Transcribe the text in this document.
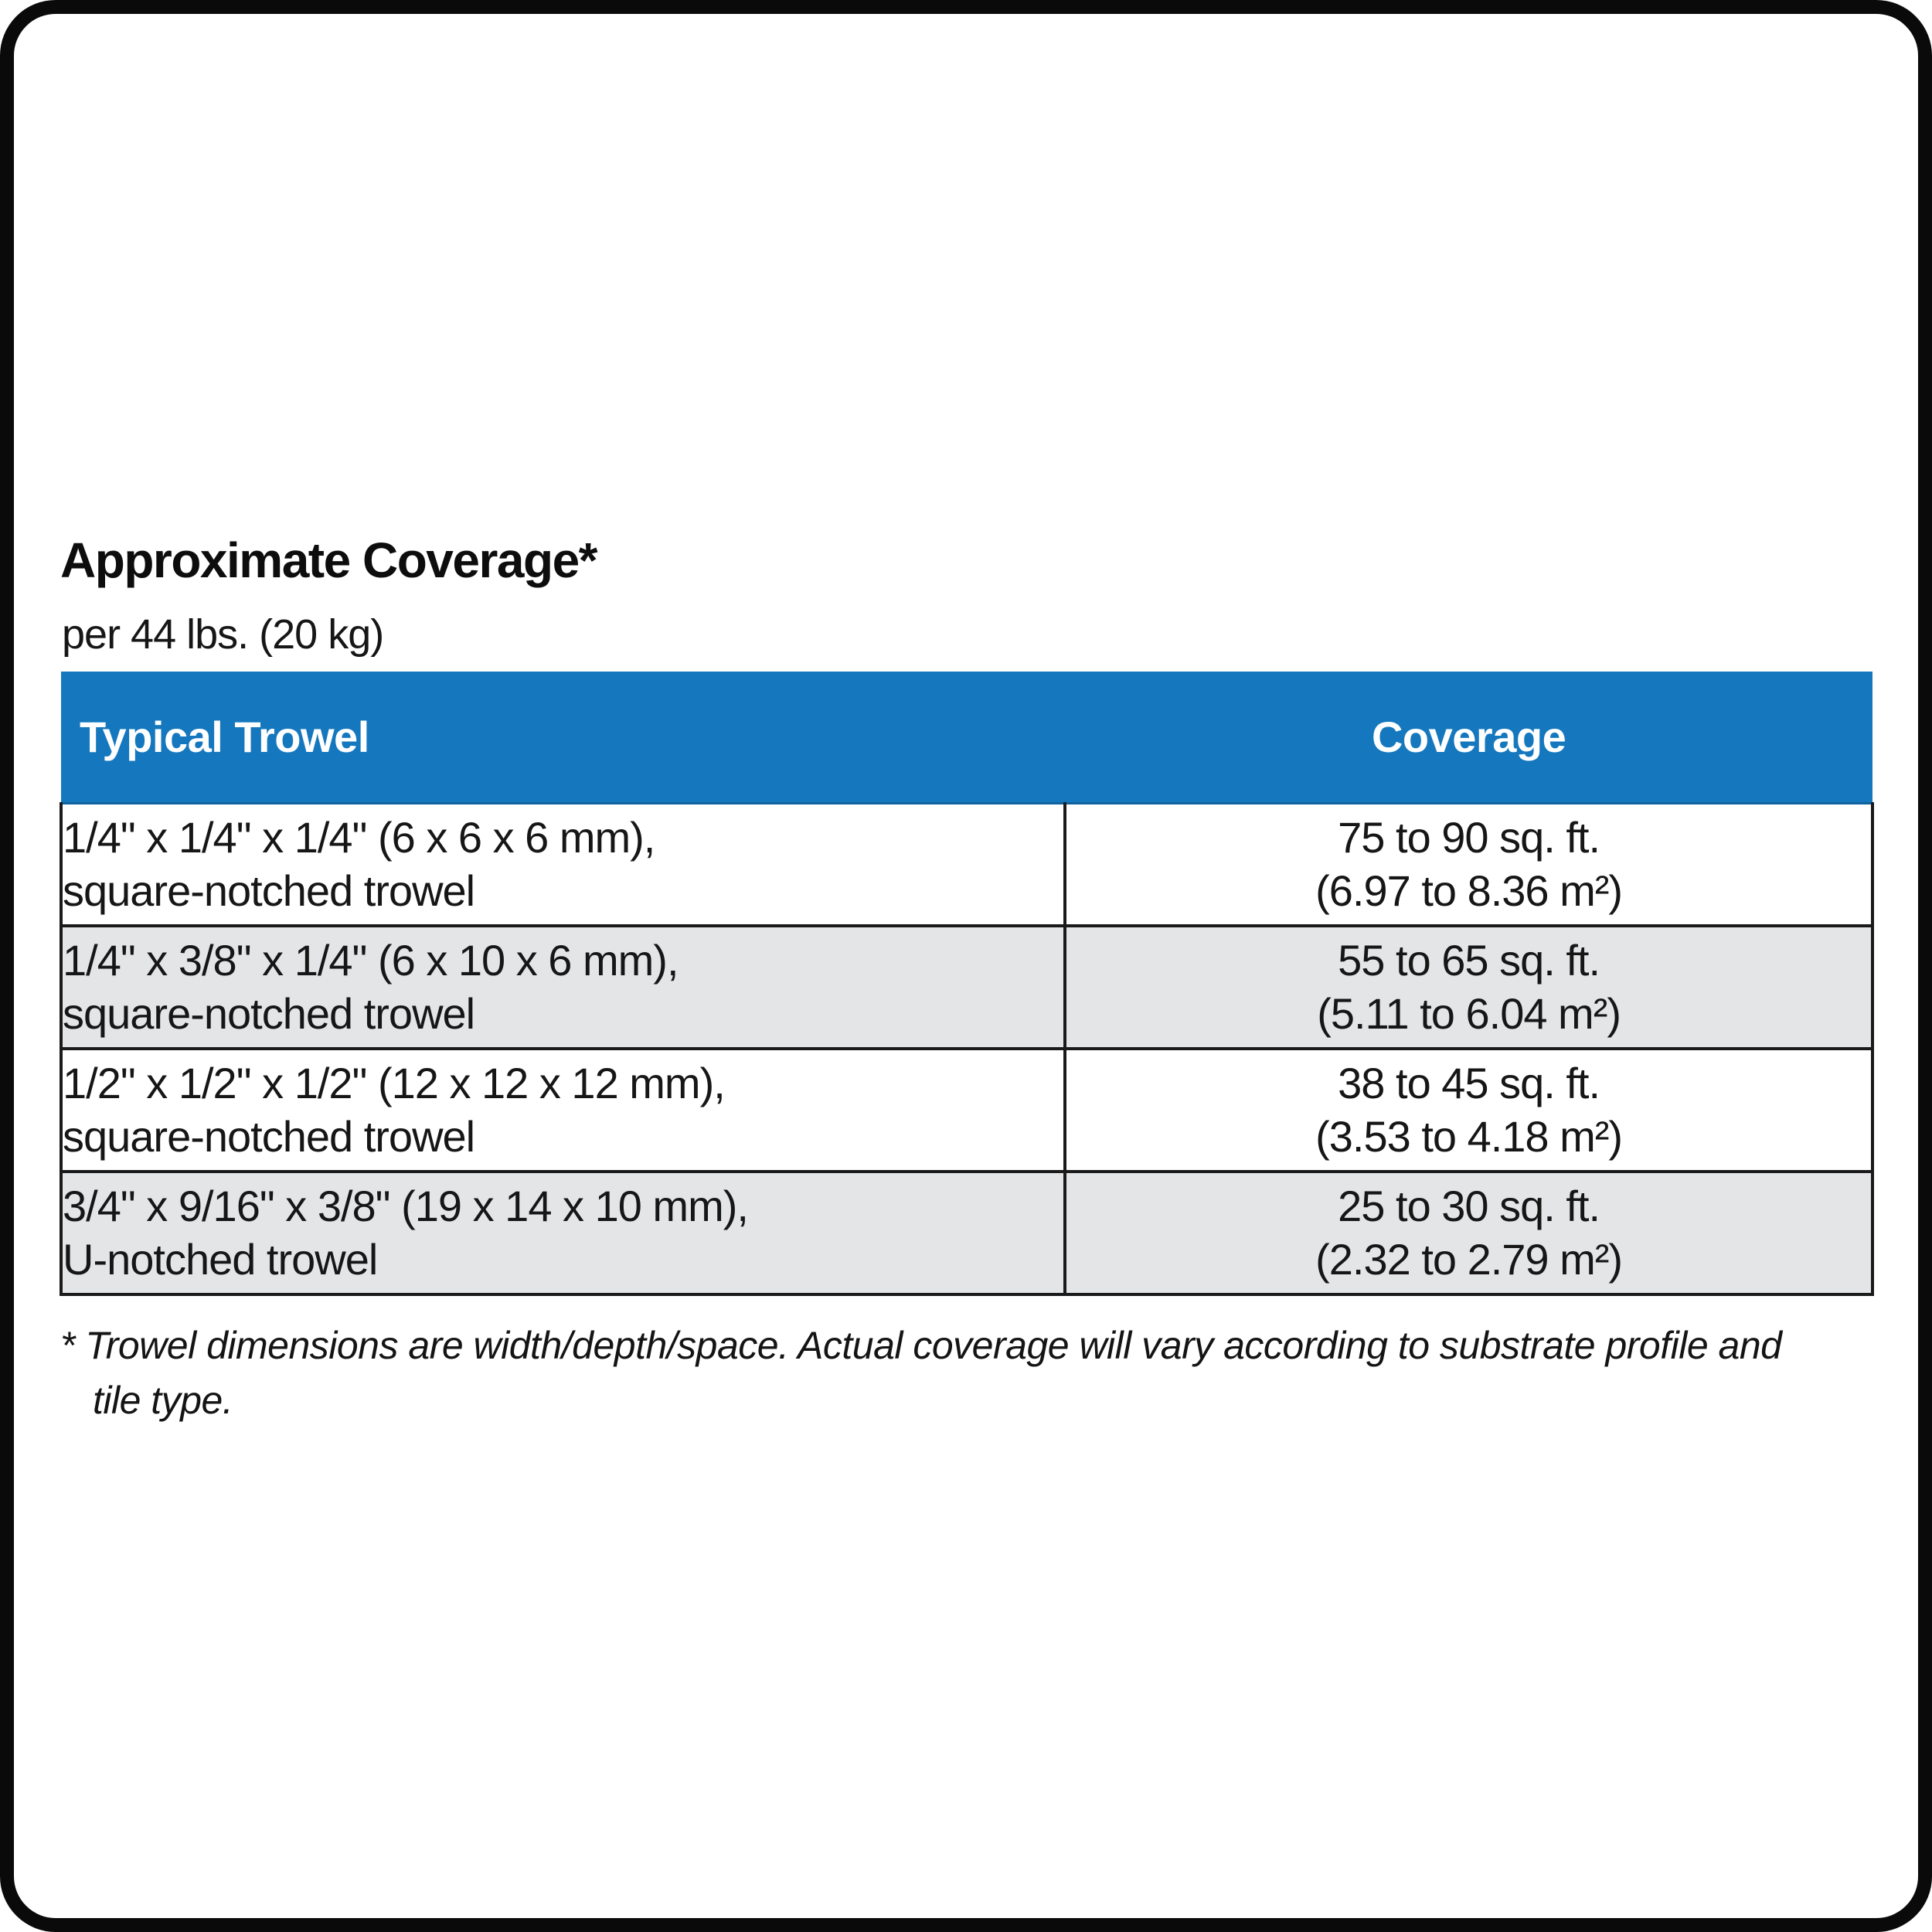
Approximate Coverage*
per 44 lbs. (20 kg)
Typical Trowel	Coverage

1/4" x 1/4" x 1/4" (6 x 6 x 6 mm),
square-notched trowel	75 to 90 sq. ft.
(6.97 to 8.36 m²)

1/4" x 3/8" x 1/4" (6 x 10 x 6 mm),
square-notched trowel	55 to 65 sq. ft.
(5.11 to 6.04 m²)

1/2" x 1/2" x 1/2" (12 x 12 x 12 mm),
square-notched trowel	38 to 45 sq. ft.
(3.53 to 4.18 m²)

3/4" x 9/16" x 3/8" (19 x 14 x 10 mm),
U-notched trowel	25 to 30 sq. ft.
(2.32 to 2.79 m²)
* Trowel dimensions are width/depth/space. Actual coverage will vary according to substrate profile and tile type.
